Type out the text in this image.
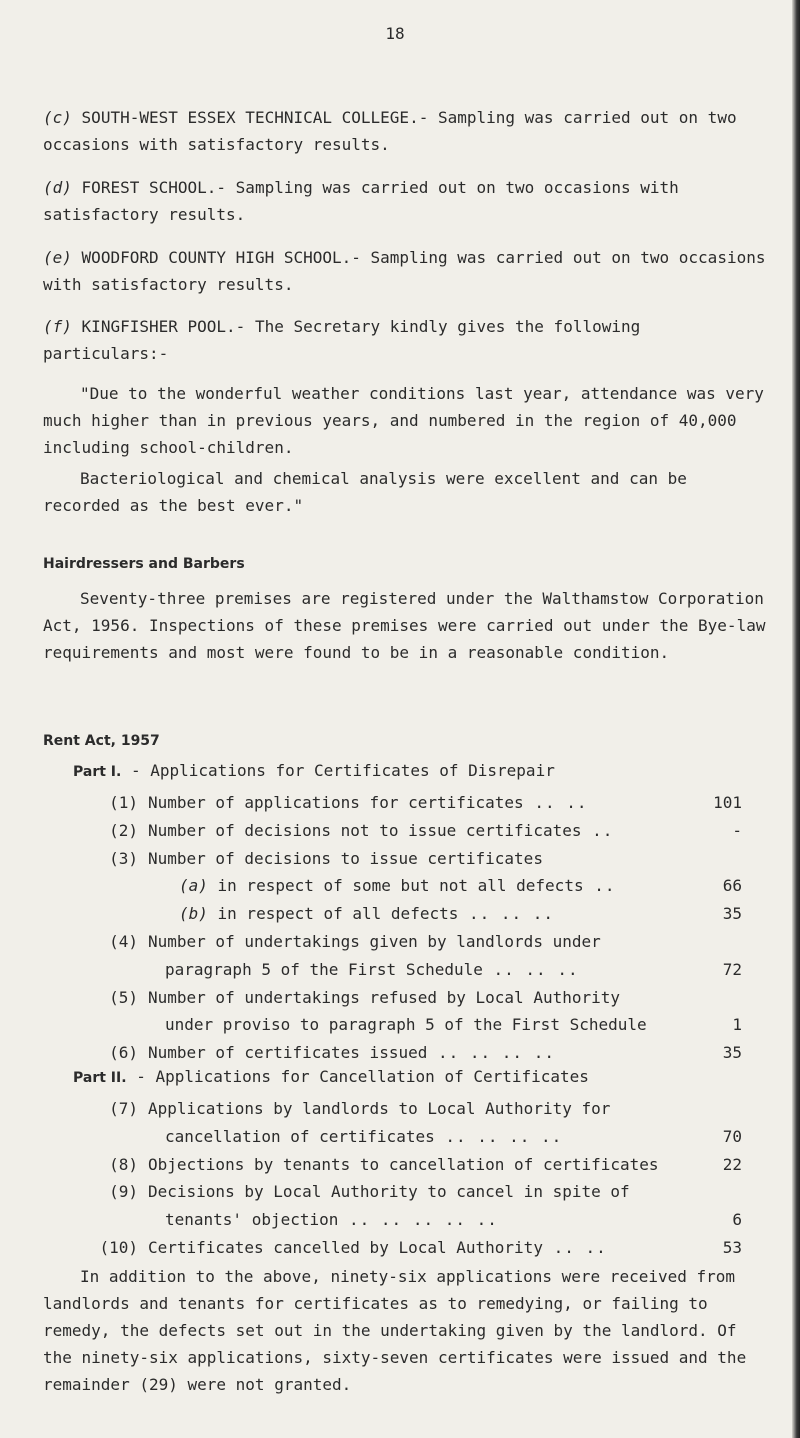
18
(c) SOUTH-WEST ESSEX TECHNICAL COLLEGE.- Sampling was carried out on two occasions with satisfactory results.
(d) FOREST SCHOOL.- Sampling was carried out on two occasions with satisfactory results.
(e) WOODFORD COUNTY HIGH SCHOOL.- Sampling was carried out on two occasions with satisfactory results.
(f) KINGFISHER POOL.- The Secretary kindly gives the following particulars:-
"Due to the wonderful weather conditions last year, attendance was very much higher than in previous years, and numbered in the region of 40,000 including school-children.
Bacteriological and chemical analysis were excellent and can be recorded as the best ever."
Hairdressers and Barbers
Seventy-three premises are registered under the Walthamstow Corporation Act, 1956. Inspections of these premises were carried out under the Bye-law requirements and most were found to be in a reasonable condition.
Rent Act, 1957
Part I. - Applications for Certificates of Disrepair
(1) Number of applications for certificates .. ..	101
(2) Number of decisions not to issue certificates ..	-
(3) Number of decisions to issue certificates
(a) in respect of some but not all defects ..	66
(b) in respect of all defects .. .. ..	35
(4) Number of undertakings given by landlords under
paragraph 5 of the First Schedule .. .. ..	72
(5) Number of undertakings refused by Local Authority
under proviso to paragraph 5 of the First Schedule	1
(6) Number of certificates issued .. .. .. ..	35
Part II. - Applications for Cancellation of Certificates
(7) Applications by landlords to Local Authority for
cancellation of certificates .. .. .. ..	70
(8) Objections by tenants to cancellation of certificates	22
(9) Decisions by Local Authority to cancel in spite of
tenants' objection .. .. .. .. ..	6
(10) Certificates cancelled by Local Authority .. ..	53
In addition to the above, ninety-six applications were received from landlords and tenants for certificates as to remedying, or failing to remedy, the defects set out in the undertaking given by the landlord. Of the ninety-six applications, sixty-seven certificates were issued and the remainder (29) were not granted.
